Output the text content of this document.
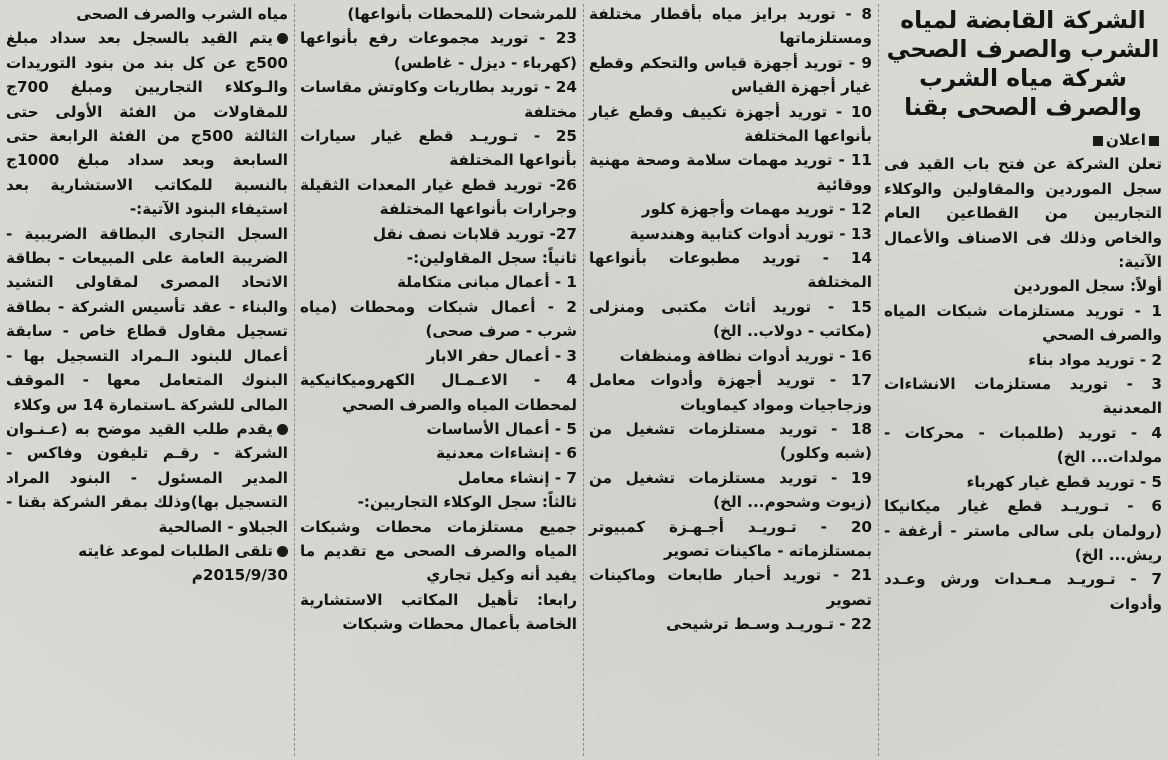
الشركة القابضة لمياه
الشرب والصرف الصحي
شركة مياه الشرب
والصرف الصحى بقنا

اعلان

تعلن الشركة عن فتح باب القيد فى سجل الموردين والمقاولين والوكلاء التجاريين من القطاعين العام والخاص وذلك فى الاصناف والأعمال الآتية:

أولاً: سجل الموردين

1 - توريد مستلزمات شبكات المياه والصرف الصحي

2 - توريد مواد بناء

3 - توريد مستلزمات الانشاءات المعدنية

4 - توريد (طلمبات - محركات - مولدات... الخ)

5 - توريد قطع غيار كهرباء

6 - تـوريـد قطع غيار ميكانيكا (رولمان بلى سالى ماستر - أرغفة - ريش... الخ)

7 - تـوريـد مـعـدات ورش وعـدد وأدوات

8 - توريد برايز مياه بأقطار مختلفة ومستلزماتها

9 - توريد أجهزة قياس والتحكم وقطع غيار أجهزة القياس

10 - توريد أجهزة تكييف وقطع غيار بأنواعها المختلفة

11 - توريد مهمات سلامة وصحة مهنية ووقائية

12 - توريد مهمات وأجهزة كلور

13 - توريد أدوات كتابية وهندسية

14 - توريد مطبوعات بأنواعها المختلفة

15 - توريد أثاث مكتبى ومنزلى (مكاتب - دولاب.. الخ)

16 - توريد أدوات نظافة ومنظفات

17 - توريد أجهزة وأدوات معامل وزجاجيات ومواد كيماويات

18 - توريد مستلزمات تشغيل من (شبه وكلور)

19 - توريد مستلزمات تشغيل من (زيوت وشحوم... الخ)

20 - تـوريـد أجـهـزة كمبيوتر بمستلزماته - ماكينات تصوير

21 - توريد أحبار طابعات وماكينات تصوير

22 - تـوريـد وسـط ترشيحى

للمرشحات (للمحطات بأنواعها)

23 - توريد مجموعات رفع بأنواعها (كهرباء - ديزل - غاطس)

24 - توريد بطاريات وكاوتش مقاسات مختلفة

25 - تـوريـد قطع غيار سيارات بأنواعها المختلفة

26- توريد قطع غيار المعدات الثقيلة وجرارات بأنواعها المختلفة

27- توريد قلابات نصف نقل

ثانياً: سجل المقاولين:-

1 - أعمال مبانى متكاملة

2 - أعمال شبكات ومحطات (مياه شرب - صرف صحى)

3 - أعمال حفر الابار

4 - الاعـمـال الكهروميكانيكية لمحطات المياه والصرف الصحي

5 - أعمال الأساسات

6 - إنشاءات معدنية

7 - إنشاء معامل

ثالثاً: سجل الوكلاء التجاريين:-

جميع مستلزمات محطات وشبكات المياه والصرف الصحى مع تقديم ما يفيد أنه وكيل تجاري

رابعا: تأهيل المكاتب الاستشارية الخاصة بأعمال محطات وشبكات

مياه الشرب والصرف الصحى

يتم القيد بالسجل بعد سداد مبلغ 500ج عن كل بند من بنود التوريدات والـوكلاء التجاريين ومبلغ 700ج للمقاولات من الفئة الأولى حتى الثالثة 500ج من الفئة الرابعة حتى السابعة وبعد سداد مبلغ 1000ج بالنسبة للمكاتب الاستشارية بعد استيفاء البنود الآتية:-

السجل التجارى البطاقة الضريبية - الضريبة العامة على المبيعات - بطاقة الاتحاد المصرى لمقاولى التشيد والبناء - عقد تأسيس الشركة - بطاقة تسجيل مقاول قطاع خاص - سابقة أعمال للبنود الـمراد التسجيل بها - البنوك المتعامل معها - الموقف المالى للشركة ـاستمارة 14 س وكلاء

يقدم طلب القيد موضح به (عـنـوان الشركة - رقـم تليفون وفاكس - المدير المسئول - البنود المراد التسجيل بها)وذلك بمقر الشركة بقنا - الجبلاو - الصالحية

تلقى الطلبات لموعد غايته

2015/9/30م
